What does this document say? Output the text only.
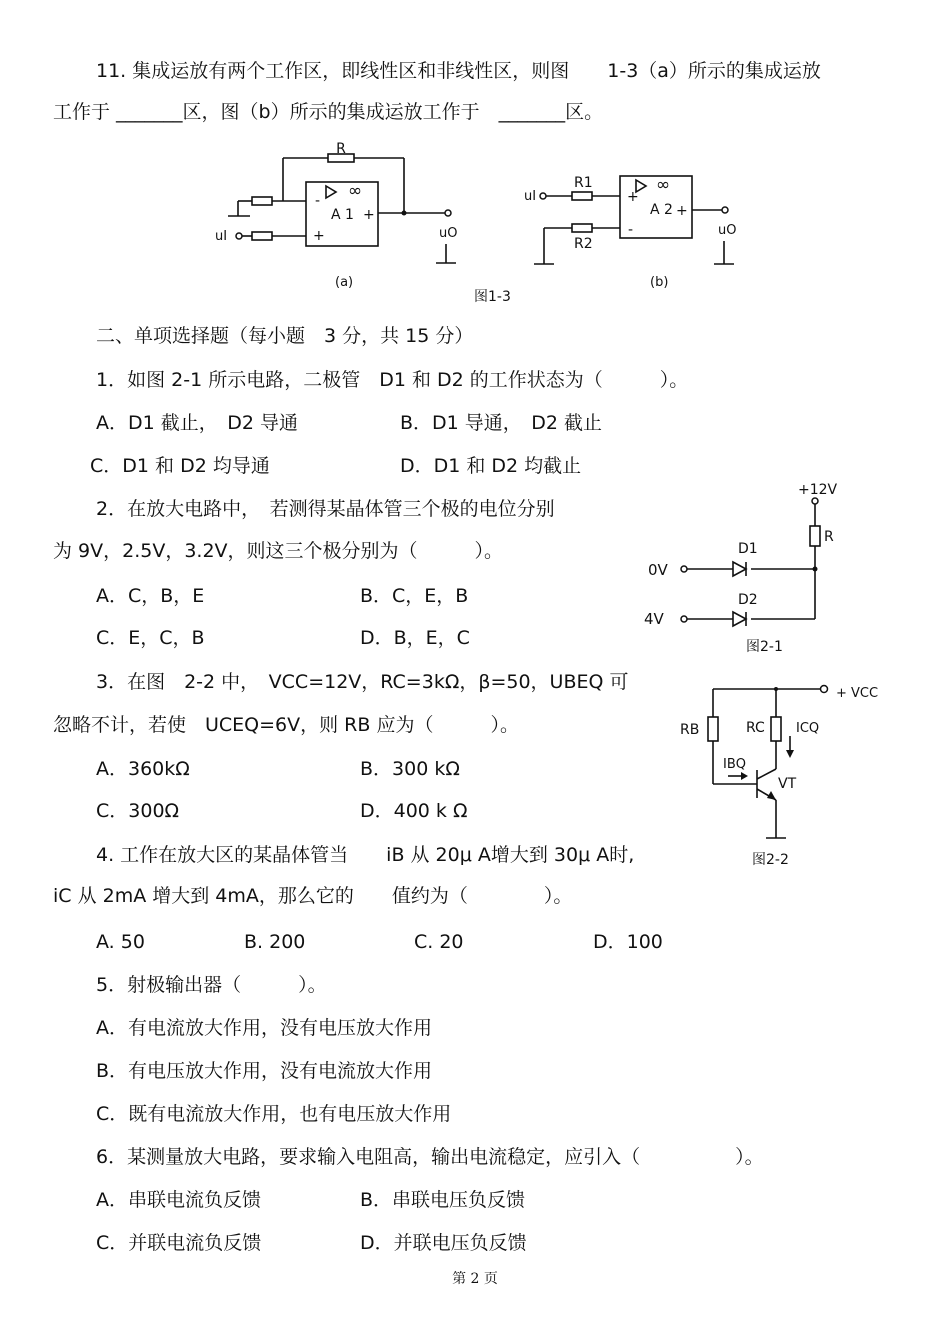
11. 集成运放有两个工作区，即线性区和非线性区，则图　　1-3（a）所示的集成运放
工作于 _______区，图（b）所示的集成运放工作于　_______区。
R
∞
A 1
-
+
+
uI	uO
(a)
uI
R1
R2
∞
A 2
+
-
+
uO
(b)
图1-3
二、单项选择题（每小题　3 分，共 15 分）
1．如图 2-1 所示电路，二极管　D1 和 D2 的工作状态为（　　　）。
A．D1 截止，　D2 导通	B．D1 导通，　D2 截止
C．D1 和 D2 均导通	D．D1 和 D2 均截止
2．在放大电路中，　若测得某晶体管三个极的电位分别
为 9V，2.5V，3.2V，则这三个极分别为（　　　）。
A．C，B，E	B．C，E，B
C．E，C，B	D．B，E，C
+12V
R
D1
D2
0V
4V
图2-1
3．在图　2-2 中，　VCC=12V，RC=3kΩ，β=50，UBEQ 可
忽略不计，若使　UCEQ=6V，则 RB 应为（　　　）。
A．360kΩ	B．300 kΩ
C．300Ω	D．400 k Ω
+ VCC
RB	RC ICQ
IBQ
VT
图2-2
4. 工作在放大区的某晶体管当　　iB 从 20μ A增大到 30μ A时,
iC 从 2mA 增大到 4mA，那么它的　　值约为（　　　　）。
A. 50	B. 200	C. 20	D．100
5．射极输出器（　　　）。
A．有电流放大作用，没有电压放大作用
B．有电压放大作用，没有电流放大作用
C．既有电流放大作用，也有电压放大作用
6．某测量放大电路，要求输入电阻高，输出电流稳定，应引入（　　　　　）。
A．串联电流负反馈	B．串联电压负反馈
C．并联电流负反馈	D．并联电压负反馈
第 2 页
